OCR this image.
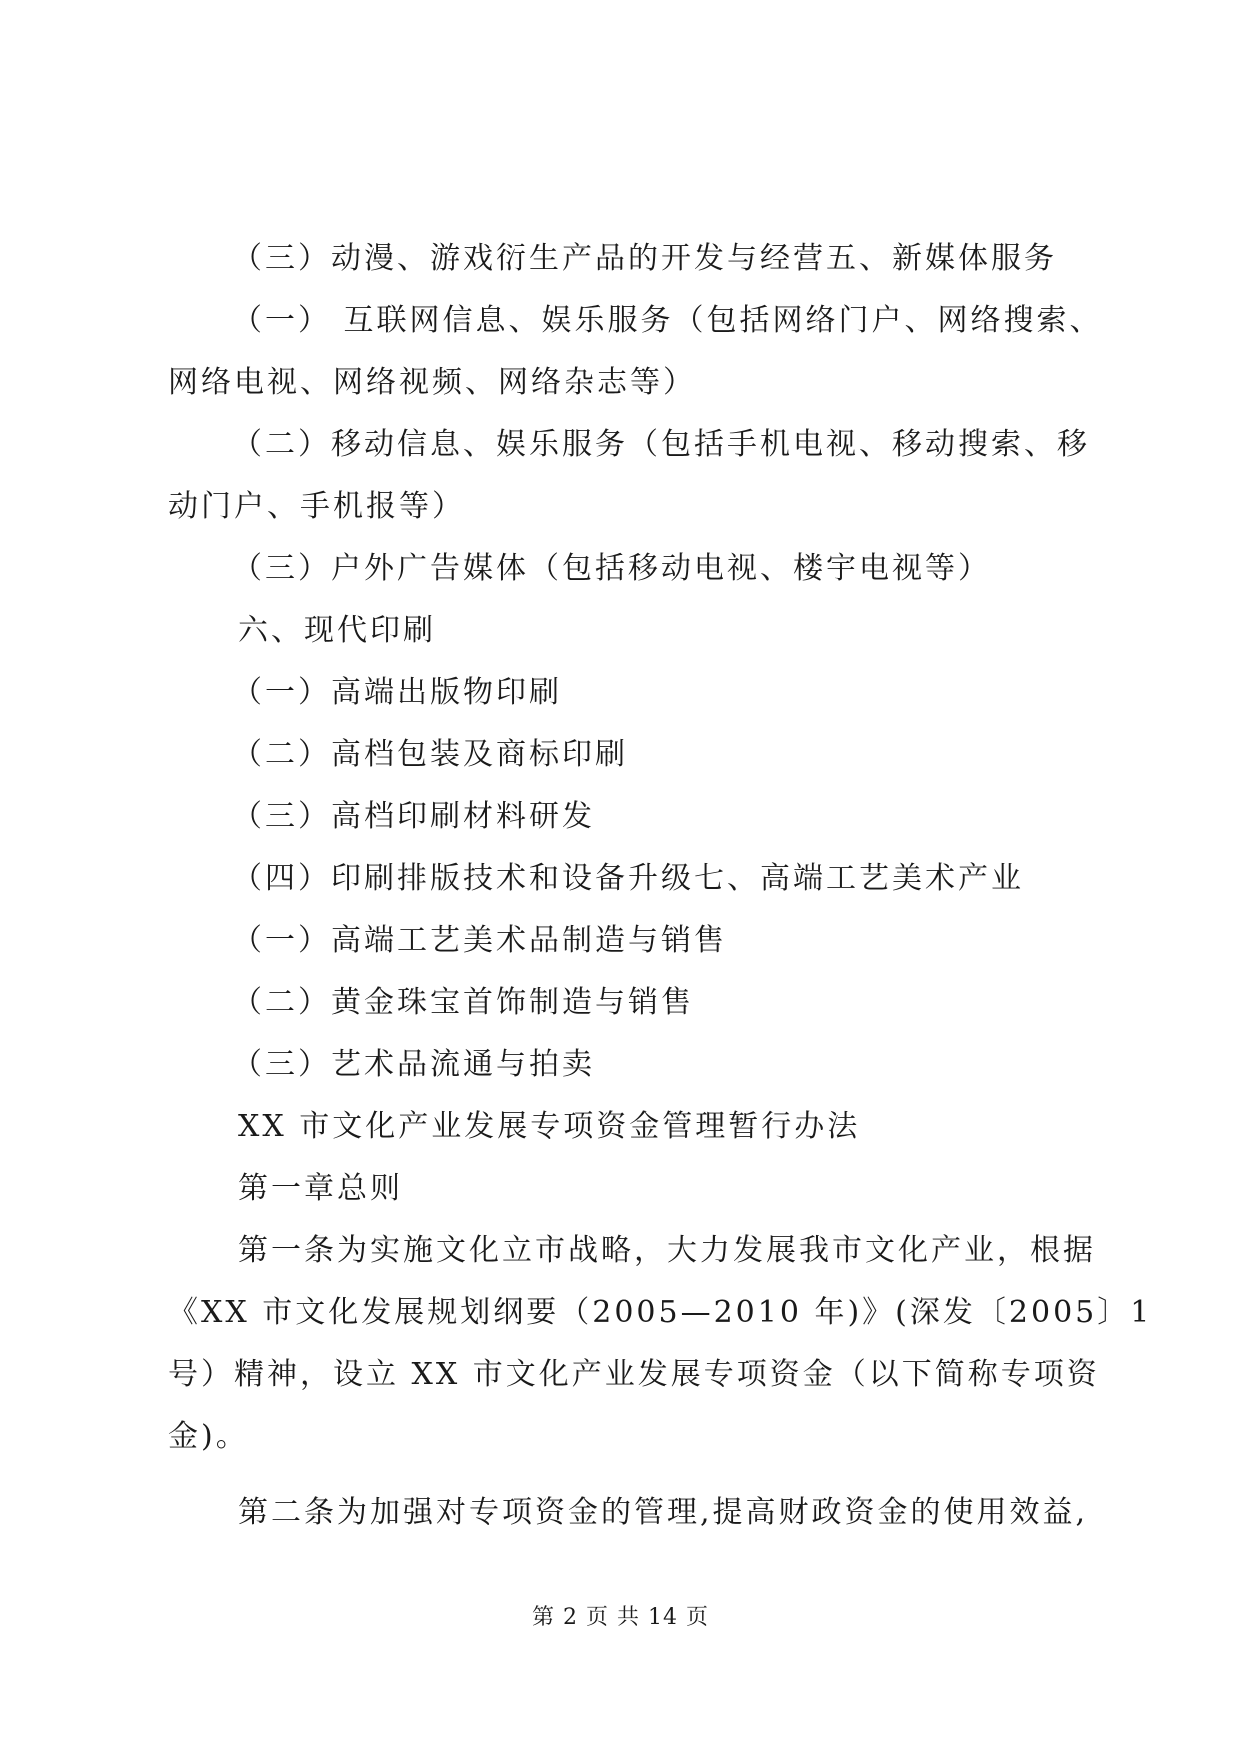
（三）动漫、游戏衍生产品的开发与经营五、新媒体服务
（一） 互联网信息、娱乐服务（包括网络门户、网络搜索、
网络电视、网络视频、网络杂志等）
（二）移动信息、娱乐服务（包括手机电视、移动搜索、移
动门户、手机报等）
（三）户外广告媒体（包括移动电视、楼宇电视等）
六、现代印刷
（一）高端出版物印刷
（二）高档包装及商标印刷
（三）高档印刷材料研发
（四）印刷排版技术和设备升级七、高端工艺美术产业
（一）高端工艺美术品制造与销售
（二）黄金珠宝首饰制造与销售
（三）艺术品流通与拍卖
XX 市文化产业发展专项资金管理暂行办法
第一章总则
第一条为实施文化立市战略，大力发展我市文化产业，根据
《XX 市文化发展规划纲要（2005—2010 年)》(深发〔2005〕1
号）精神，设立 XX 市文化产业发展专项资金（以下简称专项资
金)。
第二条为加强对专项资金的管理,提高财政资金的使用效益,
第 2 页 共 14 页
